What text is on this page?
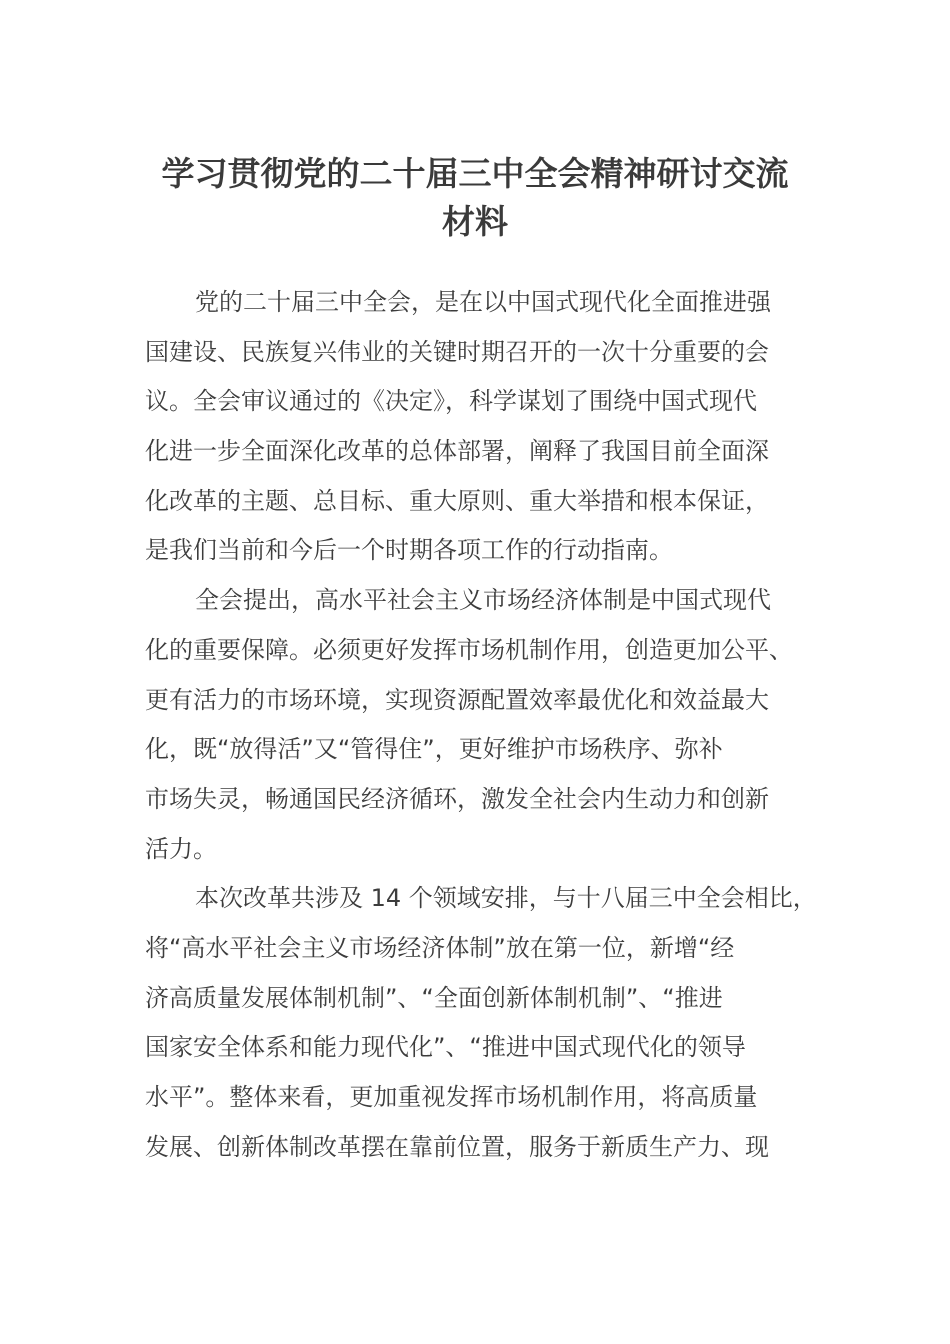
学习贯彻党的二十届三中全会精神研讨交流
材料
党的二十届三中全会，是在以中国式现代化全面推进强
国建设、民族复兴伟业的关键时期召开的一次十分重要的会
议。全会审议通过的《决定》，科学谋划了围绕中国式现代
化进一步全面深化改革的总体部署，阐释了我国目前全面深
化改革的主题、总目标、重大原则、重大举措和根本保证，
是我们当前和今后一个时期各项工作的行动指南。
全会提出，高水平社会主义市场经济体制是中国式现代
化的重要保障。必须更好发挥市场机制作用，创造更加公平、
更有活力的市场环境，实现资源配置效率最优化和效益最大
化，既“放得活”又“管得住”，更好维护市场秩序、弥补
市场失灵，畅通国民经济循环，激发全社会内生动力和创新
活力。
本次改革共涉及 14 个领域安排，与十八届三中全会相比，
将“高水平社会主义市场经济体制”放在第一位，新增“经
济高质量发展体制机制”、“全面创新体制机制”、“推进
国家安全体系和能力现代化”、“推进中国式现代化的领导
水平”。整体来看，更加重视发挥市场机制作用，将高质量
发展、创新体制改革摆在靠前位置，服务于新质生产力、现
